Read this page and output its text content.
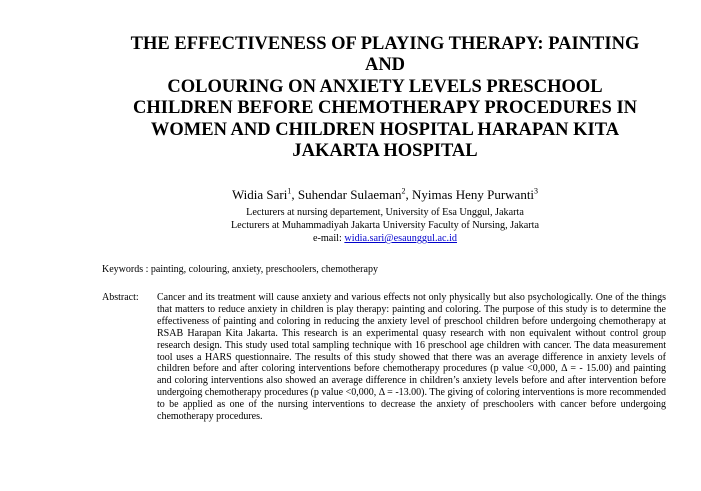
THE EFFECTIVENESS OF PLAYING THERAPY: PAINTING
AND
COLOURING ON ANXIETY LEVELS PRESCHOOL
CHILDREN BEFORE CHEMOTHERAPY PROCEDURES IN
WOMEN AND CHILDREN HOSPITAL HARAPAN KITA
JAKARTA HOSPITAL
Widia Sari$^1$, Suhendar Sulaeman$^2$, Nyimas Heny Purwanti$^3$
Lecturers at nursing departement, University of Esa Unggul, Jakarta
Lecturers at Muhammadiyah Jakarta University Faculty of Nursing, Jakarta
e-mail: widia.sari@esaunggul.ac.id
Keywords : painting, colouring, anxiety, preschoolers, chemotherapy
Abstract: Cancer and its treatment will cause anxiety and various effects not only physically but also psychologically. One of the things that matters to reduce anxiety in children is play therapy: painting and coloring. The purpose of this study is to determine the effectiveness of painting and coloring in reducing the anxiety level of preschool children before undergoing chemotherapy at RSAB Harapan Kita Jakarta. This research is an experimental quasy research with non equivalent without control group research design. This study used total sampling technique with 16 preschool age children with cancer. The data measurement tool uses a HARS questionnaire. The results of this study showed that there was an average difference in anxiety levels of children before and after coloring interventions before chemotherapy procedures (p value <0,000, Δ = - 15.00) and painting and coloring interventions also showed an average difference in children’s anxiety levels before and after intervention before undergoing chemotherapy procedures (p value <0,000, Δ = -13.00). The giving of coloring interventions is more recommended to be applied as one of the nursing interventions to decrease the anxiety of preschoolers with cancer before undergoing chemotherapy procedures.
